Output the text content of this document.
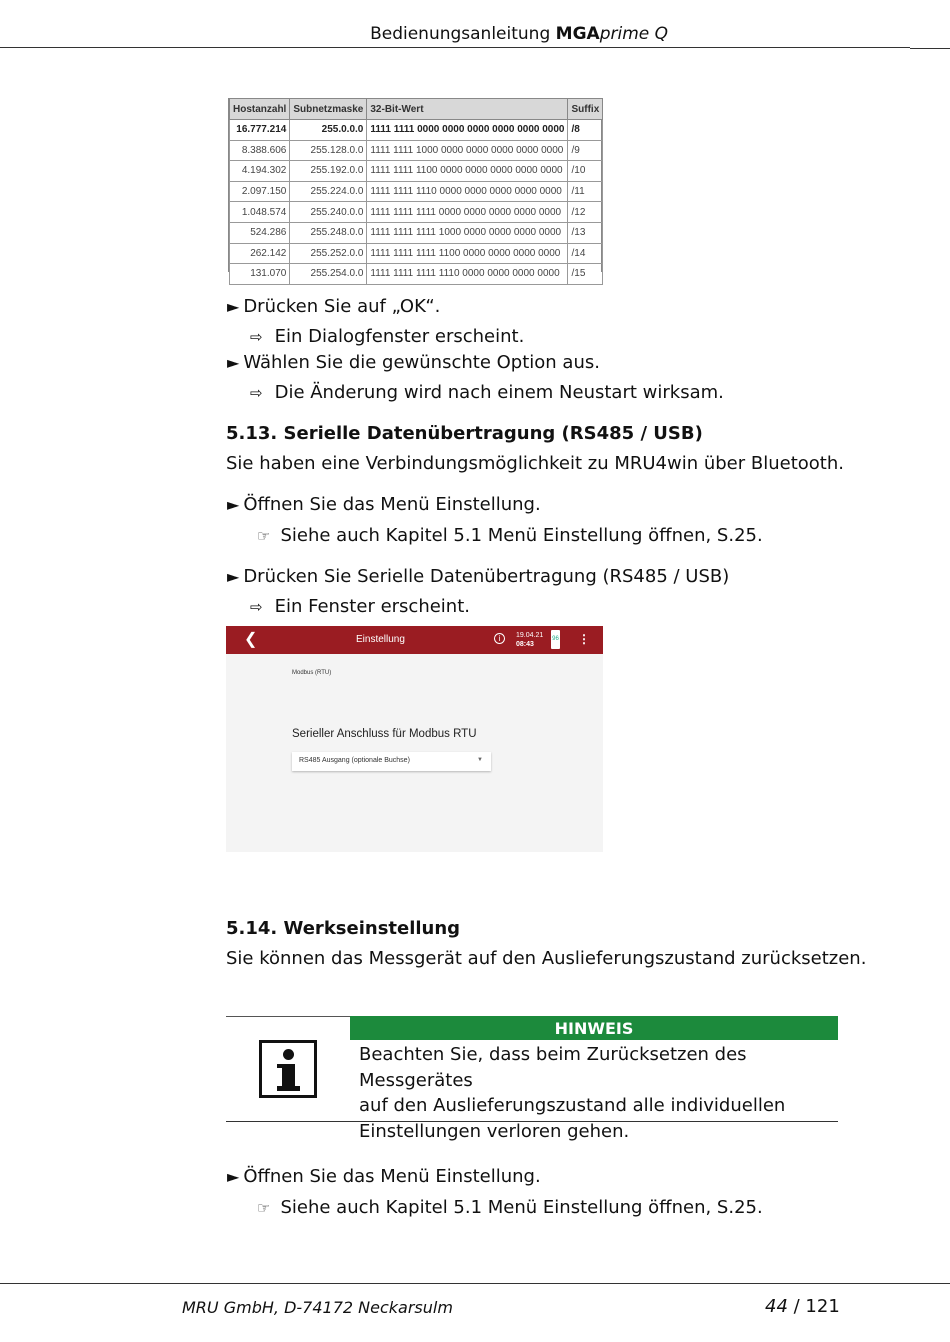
Bedienungsanleitung MGAprime Q
Hostanzahl	Subnetzmaske	32-Bit-Wert	Suffix
16.777.214	255.0.0.0	1111 1111 0000 0000 0000 0000 0000 0000	/8
8.388.606	255.128.0.0	1111 1111 1000 0000 0000 0000 0000 0000	/9
4.194.302	255.192.0.0	1111 1111 1100 0000 0000 0000 0000 0000	/10
2.097.150	255.224.0.0	1111 1111 1110 0000 0000 0000 0000 0000	/11
1.048.574	255.240.0.0	1111 1111 1111 0000 0000 0000 0000 0000	/12
524.286	255.248.0.0	1111 1111 1111 1000 0000 0000 0000 0000	/13
262.142	255.252.0.0	1111 1111 1111 1100 0000 0000 0000 0000	/14
131.070	255.254.0.0	1111 1111 1111 1110 0000 0000 0000 0000	/15
► Drücken Sie auf „OK“.
⇨ Ein Dialogfenster erscheint.
► Wählen Sie die gewünschte Option aus.
⇨ Die Änderung wird nach einem Neustart wirksam.
5.13. Serielle Datenübertragung (RS485 / USB)
Sie haben eine Verbindungsmöglichkeit zu MRU4win über Bluetooth.
► Öffnen Sie das Menü Einstellung.
☞ Siehe auch Kapitel 5.1 Menü Einstellung öffnen, S.25.
► Drücken Sie Serielle Datenübertragung (RS485 / USB)
⇨ Ein Fenster erscheint.
❮	Einstellung	i	19.04.21
08:43
96 ⋮
Modbus (RTU)
Serieller Anschluss für Modbus RTU
RS485 Ausgang (optionale Buchse)	▼
5.14. Werkseinstellung
Sie können das Messgerät auf den Auslieferungszustand zurücksetzen.
HINWEIS
Beachten Sie, dass beim Zurücksetzen des Messgerätes
auf den Auslieferungszustand alle individuellen
Einstellungen verloren gehen.
► Öffnen Sie das Menü Einstellung.
☞ Siehe auch Kapitel 5.1 Menü Einstellung öffnen, S.25.
MRU GmbH, D-74172 Neckarsulm	44 / 121
